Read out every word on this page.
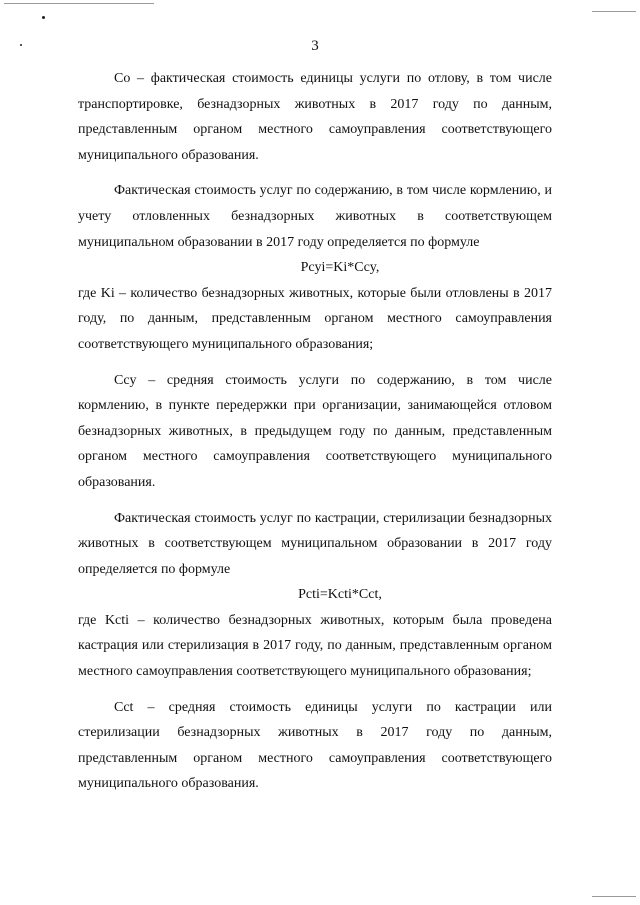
3

Со – фактическая стоимость единицы услуги по отлову, в том числе транспортировке, безнадзорных животных в 2017 году по данным, представленным органом местного самоуправления соответствующего муниципального образования.

Фактическая стоимость услуг по содержанию, в том числе кормлению, и учету отловленных безнадзорных животных в соответствующем муниципальном образовании в 2017 году определяется по формуле

Рсуi=Ki*Ccy,

где Ki – количество безнадзорных животных, которые были отловлены в 2017 году, по данным, представленным органом местного самоуправления соответствующего муниципального образования;

Ccy – средняя стоимость услуги по содержанию, в том числе кормлению, в пункте передержки при организации, занимающейся отловом безнадзорных животных, в предыдущем году по данным, представленным органом местного самоуправления соответствующего муниципального образования.

Фактическая стоимость услуг по кастрации, стерилизации безнадзорных животных в соответствующем муниципальном образовании в 2017 году определяется по формуле

Рсti=Kcti*Cct,

где Kcti – количество безнадзорных животных, которым была проведена кастрация или стерилизация в 2017 году, по данным, представленным органом местного самоуправления соответствующего муниципального образования;

Cct – средняя стоимость единицы услуги по кастрации или стерилизации безнадзорных животных в 2017 году по данным, представленным органом местного самоуправления соответствующего муниципального образования.
